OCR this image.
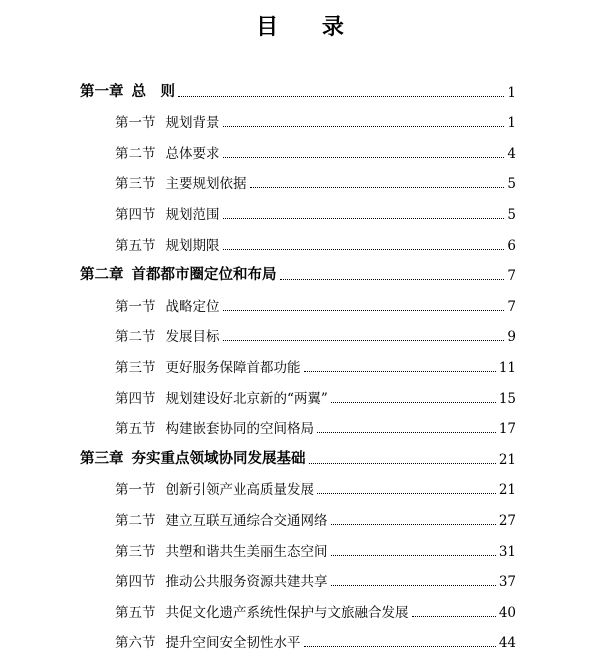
目 录
第一章 总　则	1
第一节 规划背景	1
第二节 总体要求	4
第三节 主要规划依据	5
第四节 规划范围	5
第五节 规划期限	6
第二章 首都都市圈定位和布局	7
第一节 战略定位	7
第二节 发展目标	9
第三节 更好服务保障首都功能	11
第四节 规划建设好北京新的“两翼”	15
第五节 构建嵌套协同的空间格局	17
第三章 夯实重点领域协同发展基础	21
第一节 创新引领产业高质量发展	21
第二节 建立互联互通综合交通网络	27
第三节 共塑和谐共生美丽生态空间	31
第四节 推动公共服务资源共建共享	37
第五节 共促文化遗产系统性保护与文旅融合发展	40
第六节 提升空间安全韧性水平	44
